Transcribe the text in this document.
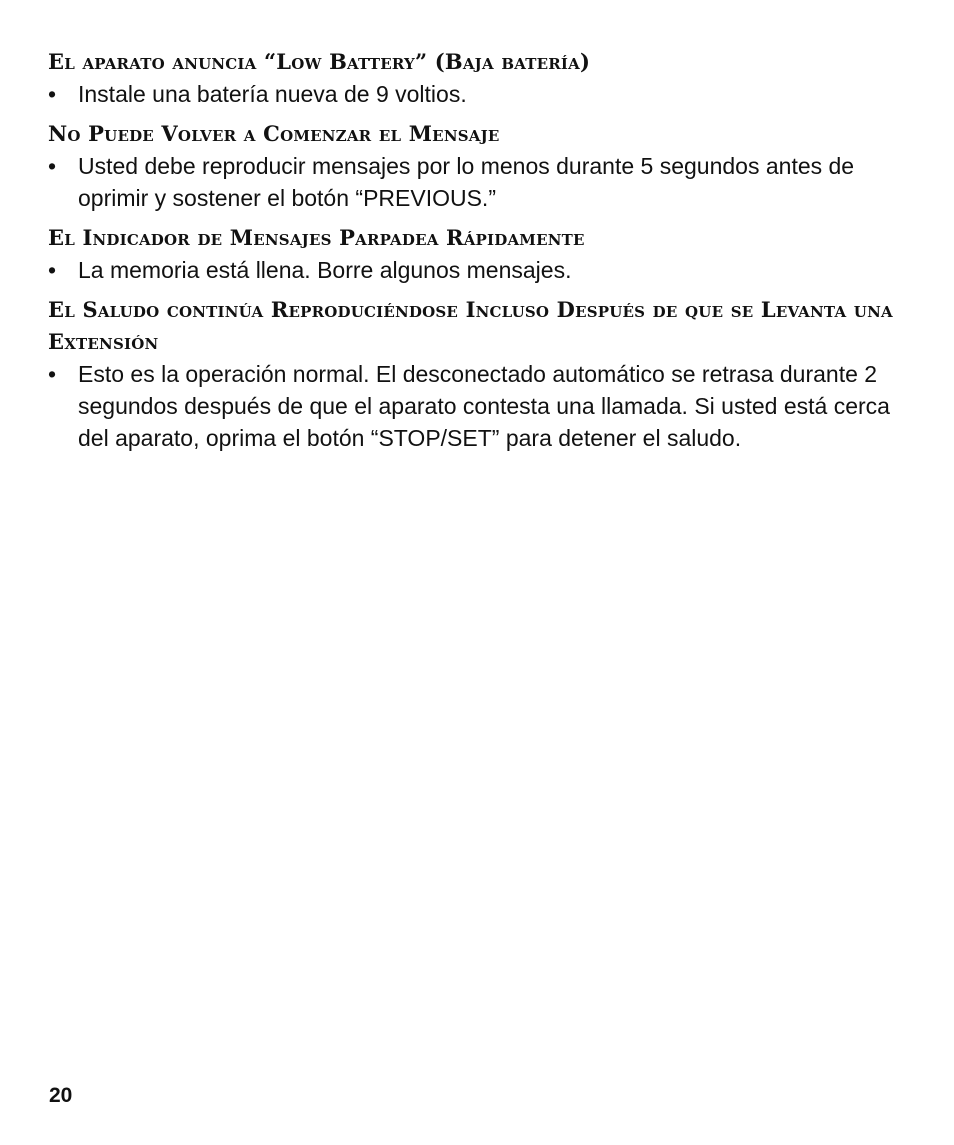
El aparato anuncia “Low Battery” (Baja batería)
• Instale una batería nueva de 9 voltios.
No Puede Volver a Comenzar el Mensaje
• Usted debe reproducir mensajes por lo menos durante 5 segundos antes de oprimir y sostener el botón “PREVIOUS.”
El Indicador de Mensajes Parpadea Rápidamente
• La memoria está llena. Borre algunos mensajes.
El Saludo continúa Reproduciéndose Incluso Después de que se Levanta una Extensión
• Esto es la operación normal. El desconectado automático se retrasa durante 2 segundos después de que el aparato contesta una llamada. Si usted está cerca del aparato, oprima el botón “STOP/SET” para detener el saludo.
20
